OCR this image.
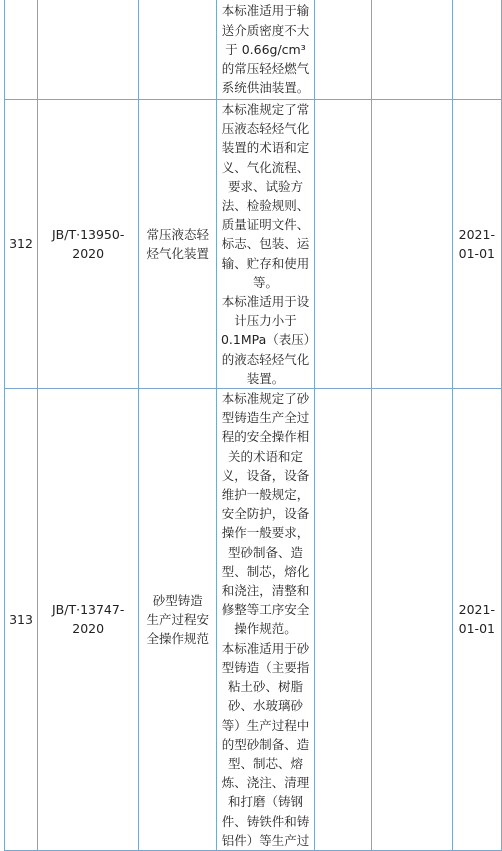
			本标准适用于输送介质密度不大于 0.66g/cm³ 的常压轻烃燃气系统供油装置。			

312	JB/T·13950-2020	常压液态轻烃气化装置	本标准规定了常压液态轻烃气化装置的术语和定义、气化流程、要求、试验方法、检验规则、质量证明文件、标志、包装、运输、贮存和使用等。
本标准适用于设计压力小于 0.1MPa（表压）的液态轻烃气化装置。			2021-01-01
313	JB/T·13747-2020	砂型铸造 生产过程安全操作规范	本标准规定了砂型铸造生产全过程的安全操作相关的术语和定义，设备，设备维护一般规定，安全防护，设备操作一般要求，型砂制备、造型、制芯，熔化和浇注，清整和修整等工序安全操作规范。
本标准适用于砂型铸造（主要指粘土砂、树脂砂、水玻璃砂等）生产过程中的型砂制备、造型、制芯、熔炼、浇注、清理和打磨（铸钢件、铸铁件和铸铝件）等生产过			2021-01-01
